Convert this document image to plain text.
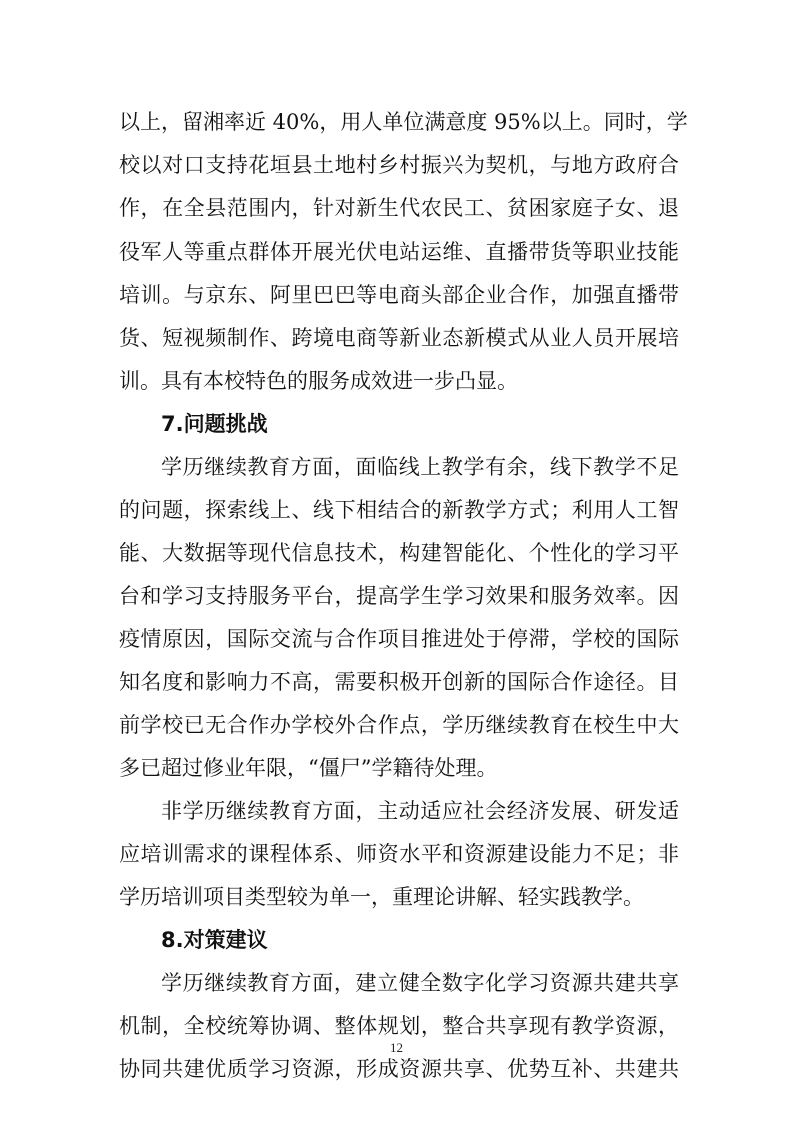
以上，留湘率近 40%，用人单位满意度 95%以上。同时，学
校以对口支持花垣县土地村乡村振兴为契机，与地方政府合
作，在全县范围内，针对新生代农民工、贫困家庭子女、退
役军人等重点群体开展光伏电站运维、直播带货等职业技能
培训。与京东、阿里巴巴等电商头部企业合作，加强直播带
货、短视频制作、跨境电商等新业态新模式从业人员开展培
训。具有本校特色的服务成效进一步凸显。
7.问题挑战
学历继续教育方面，面临线上教学有余，线下教学不足
的问题，探索线上、线下相结合的新教学方式；利用人工智
能、大数据等现代信息技术，构建智能化、个性化的学习平
台和学习支持服务平台，提高学生学习效果和服务效率。因
疫情原因，国际交流与合作项目推进处于停滞，学校的国际
知名度和影响力不高，需要积极开创新的国际合作途径。目
前学校已无合作办学校外合作点，学历继续教育在校生中大
多已超过修业年限，“僵尸”学籍待处理。
非学历继续教育方面，主动适应社会经济发展、研发适
应培训需求的课程体系、师资水平和资源建设能力不足；非
学历培训项目类型较为单一，重理论讲解、轻实践教学。
8.对策建议
学历继续教育方面，建立健全数字化学习资源共建共享
机制，全校统筹协调、整体规划，整合共享现有教学资源，
协同共建优质学习资源，形成资源共享、优势互补、共建共
12
